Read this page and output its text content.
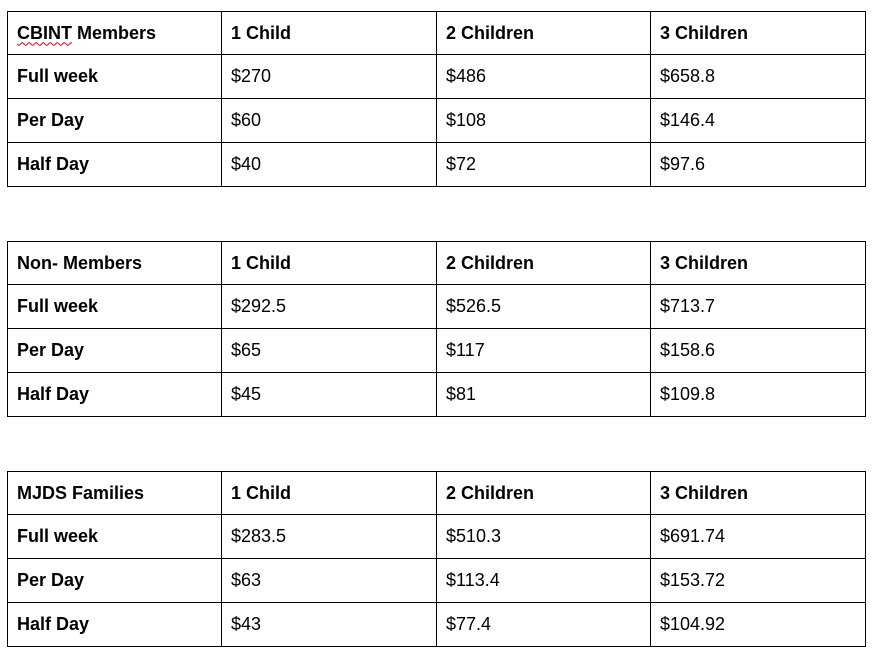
CBINT Members	1 Child	2 Children	3 Children
Full week	$270	$486	$658.8
Per Day	$60	$108	$146.4
Half Day	$40	$72	$97.6
Non- Members	1 Child	2 Children	3 Children
Full week	$292.5	$526.5	$713.7
Per Day	$65	$117	$158.6
Half Day	$45	$81	$109.8
MJDS Families	1 Child	2 Children	3 Children
Full week	$283.5	$510.3	$691.74
Per Day	$63	$113.4	$153.72
Half Day	$43	$77.4	$104.92
